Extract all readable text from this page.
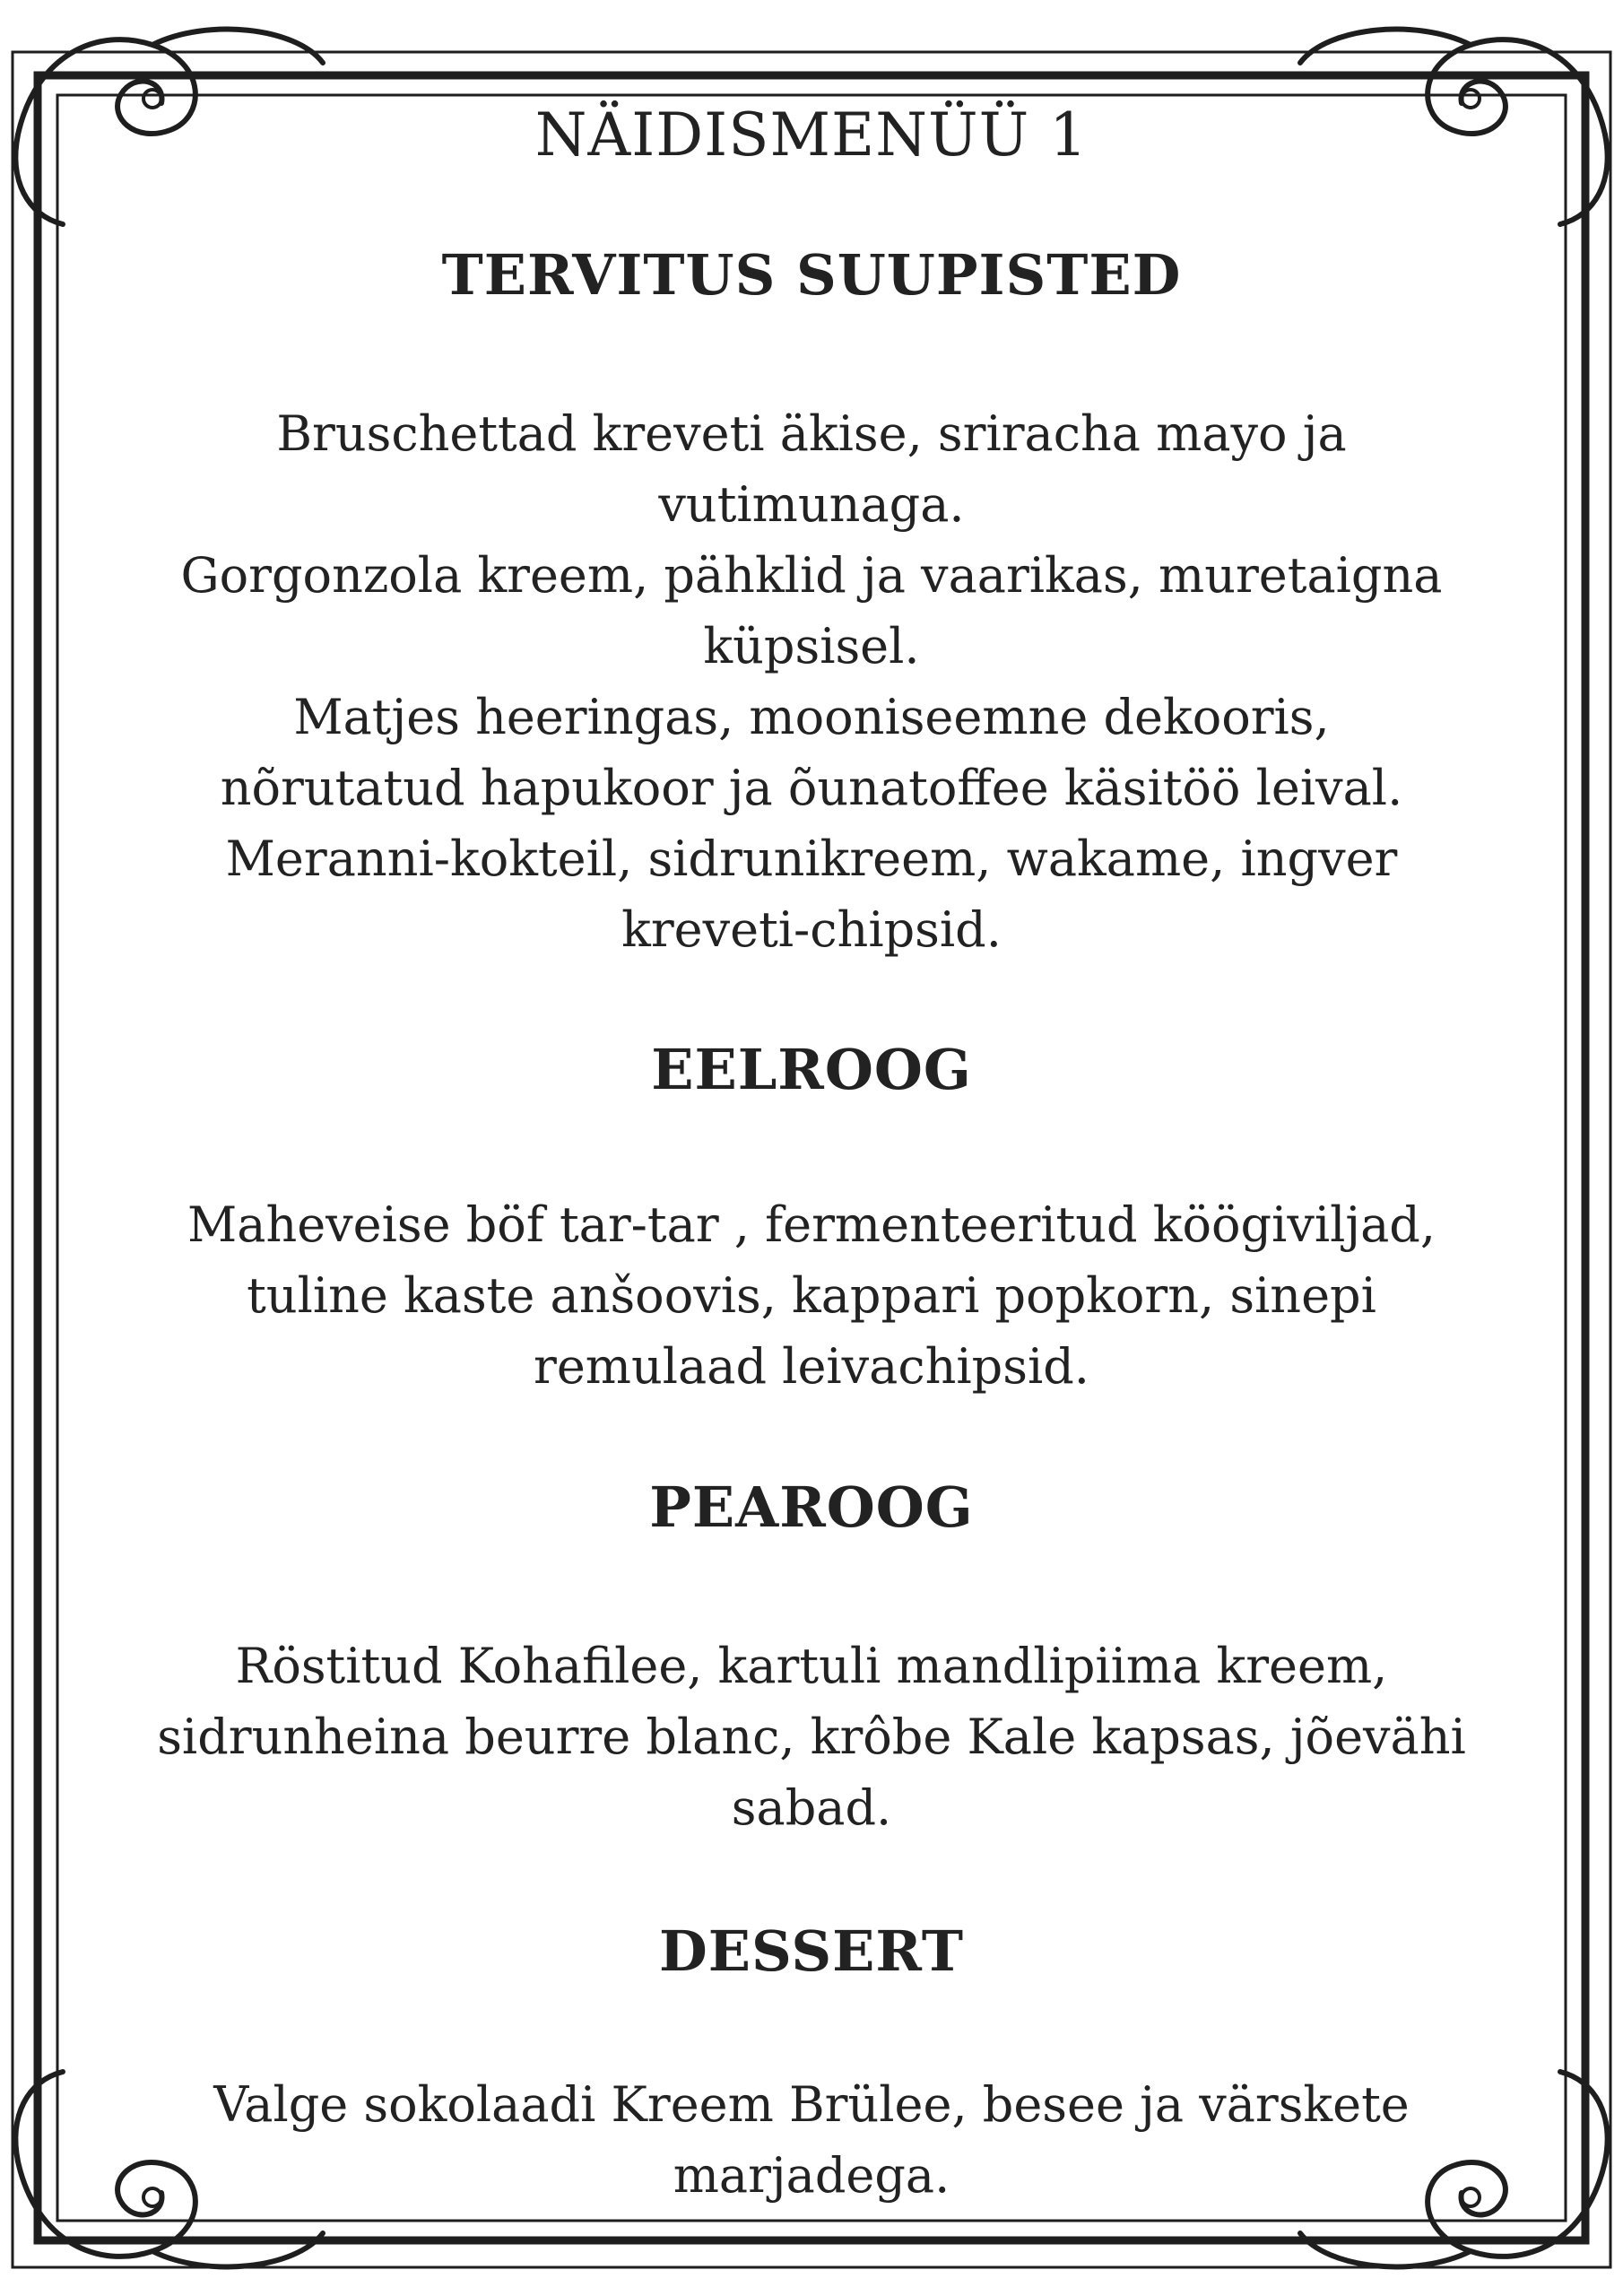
NÄIDISMENÜÜ 1
TERVITUS SUUPISTED
Bruschettad kreveti äkise, sriracha mayo ja vutimunaga.
Gorgonzola kreem, pähklid ja vaarikas, muretaigna küpsisel.
Matjes heeringas, mooniseemne dekooris, nõrutatud hapukoor ja õunatoffee käsitöö leival.
Meranni-kokteil, sidrunikreem, wakame, ingver kreveti-chipsid.
EELROOG
Maheveise böf tar-tar , fermenteeritud köögiviljad, tuline kaste anšoovis, kappari popkorn, sinepi remulaad leivachipsid.
PEAROOG
Röstitud Kohafilee, kartuli mandlipiima kreem, sidrunheina beurre blanc, krôbe Kale kapsas, jõevähi sabad.
DESSERT
Valge sokolaadi Kreem Brülee, besee ja värskete marjadega.
